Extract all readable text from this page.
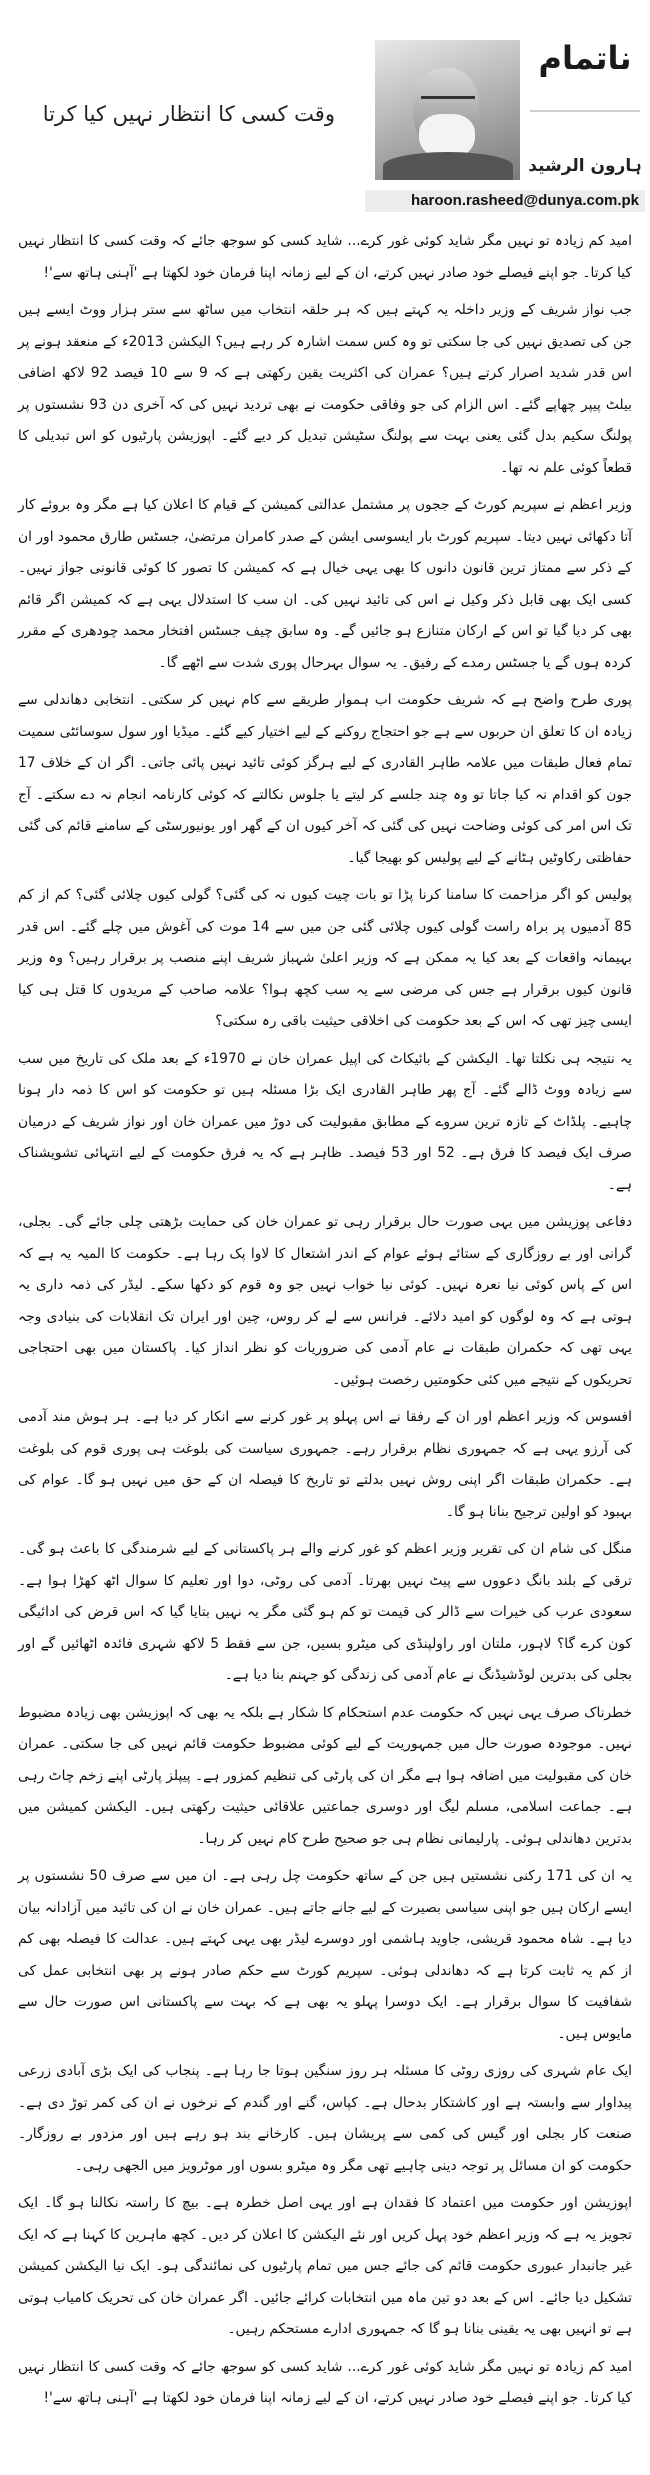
وقت کسی کا انتظار نہیں کیا کرتا
ناتمام
ہارون الرشید
haroon.rasheed@dunya.com.pk

امید کم زیادہ تو نہیں مگر شاید کوئی غور کرے... شاید کسی کو سوجھ جائے کہ وقت کسی کا انتظار نہیں کیا کرتا۔ جو اپنے فیصلے خود صادر نہیں کرتے، ان کے لیے زمانہ اپنا فرمان خود لکھتا ہے 'آہنی ہاتھ سے'!

جب نواز شریف کے وزیر داخلہ یہ کہتے ہیں کہ ہر حلقہ انتخاب میں ساٹھ سے ستر ہزار ووٹ ایسے ہیں جن کی تصدیق نہیں کی جا سکتی تو وہ کس سمت اشارہ کر رہے ہیں؟ الیکشن 2013ء کے منعقد ہونے پر اس قدر شدید اصرار کرتے ہیں؟ عمران کی اکثریت یقین رکھتی ہے کہ 9 سے 10 فیصد 92 لاکھ اضافی بیلٹ پیپر چھاپے گئے۔ اس الزام کی جو وفاقی حکومت نے بھی تردید نہیں کی کہ آخری دن 93 نشستوں پر پولنگ سکیم بدل گئی یعنی بہت سے پولنگ سٹیشن تبدیل کر دیے گئے۔ اپوزیشن پارٹیوں کو اس تبدیلی کا قطعاً کوئی علم نہ تھا۔

وزیر اعظم نے سپریم کورٹ کے ججوں پر مشتمل عدالتی کمیشن کے قیام کا اعلان کیا ہے مگر وہ بروئے کار آتا دکھائی نہیں دیتا۔ سپریم کورٹ بار ایسوسی ایشن کے صدر کامران مرتضیٰ، جسٹس طارق محمود اور ان کے ذکر سے ممتاز ترین قانون دانوں کا بھی یہی خیال ہے کہ کمیشن کا تصور کا کوئی قانونی جواز نہیں۔ کسی ایک بھی قابل ذکر وکیل نے اس کی تائید نہیں کی۔ ان سب کا استدلال یہی ہے کہ کمیشن اگر قائم بھی کر دیا گیا تو اس کے ارکان متنازع ہو جائیں گے۔ وہ سابق چیف جسٹس افتخار محمد چودھری کے مقرر کردہ ہوں گے یا جسٹس رمدے کے رفیق۔ یہ سوال بہرحال پوری شدت سے اٹھے گا۔

پوری طرح واضح ہے کہ شریف حکومت اب ہموار طریقے سے کام نہیں کر سکتی۔ انتخابی دھاندلی سے زیادہ ان کا تعلق ان حربوں سے ہے جو احتجاج روکنے کے لیے اختیار کیے گئے۔ میڈیا اور سول سوسائٹی سمیت تمام فعال طبقات میں علامہ طاہر القادری کے لیے ہرگز کوئی تائید نہیں پائی جاتی۔ اگر ان کے خلاف 17 جون کو اقدام نہ کیا جاتا تو وہ چند جلسے کر لیتے یا جلوس نکالتے کہ کوئی کارنامہ انجام نہ دے سکتے۔ آج تک اس امر کی کوئی وضاحت نہیں کی گئی کہ آخر کیوں ان کے گھر اور یونیورسٹی کے سامنے قائم کی گئی حفاظتی رکاوٹیں ہٹانے کے لیے پولیس کو بھیجا گیا۔

پولیس کو اگر مزاحمت کا سامنا کرنا پڑا تو بات چیت کیوں نہ کی گئی؟ گولی کیوں چلائی گئی؟ کم از کم 85 آدمیوں پر براہ راست گولی کیوں چلائی گئی جن میں سے 14 موت کی آغوش میں چلے گئے۔ اس قدر بہیمانہ واقعات کے بعد کیا یہ ممکن ہے کہ وزیر اعلیٰ شہباز شریف اپنے منصب پر برقرار رہیں؟ وہ وزیر قانون کیوں برقرار ہے جس کی مرضی سے یہ سب کچھ ہوا؟ علامہ صاحب کے مریدوں کا قتل ہی کیا ایسی چیز تھی کہ اس کے بعد حکومت کی اخلاقی حیثیت باقی رہ سکتی؟

یہ نتیجہ ہی نکلتا تھا۔ الیکشن کے بائیکاٹ کی اپیل عمران خان نے 1970ء کے بعد ملک کی تاریخ میں سب سے زیادہ ووٹ ڈالے گئے۔ آج پھر طاہر القادری ایک بڑا مسئلہ ہیں تو حکومت کو اس کا ذمہ دار ہونا چاہیے۔ پلڈاٹ کے تازہ ترین سروے کے مطابق مقبولیت کی دوڑ میں عمران خان اور نواز شریف کے درمیان صرف ایک فیصد کا فرق ہے۔ 52 اور 53 فیصد۔ ظاہر ہے کہ یہ فرق حکومت کے لیے انتہائی تشویشناک ہے۔

دفاعی پوزیشن میں یہی صورت حال برقرار رہی تو عمران خان کی حمایت بڑھتی چلی جائے گی۔ بجلی، گرانی اور بے روزگاری کے ستائے ہوئے عوام کے اندر اشتعال کا لاوا پک رہا ہے۔ حکومت کا المیہ یہ ہے کہ اس کے پاس کوئی نیا نعرہ نہیں۔ کوئی نیا خواب نہیں جو وہ قوم کو دکھا سکے۔ لیڈر کی ذمہ داری یہ ہوتی ہے کہ وہ لوگوں کو امید دلائے۔ فرانس سے لے کر روس، چین اور ایران تک انقلابات کی بنیادی وجہ یہی تھی کہ حکمران طبقات نے عام آدمی کی ضروریات کو نظر انداز کیا۔ پاکستان میں بھی احتجاجی تحریکوں کے نتیجے میں کئی حکومتیں رخصت ہوئیں۔

افسوس کہ وزیر اعظم اور ان کے رفقا نے اس پہلو پر غور کرنے سے انکار کر دیا ہے۔ ہر ہوش مند آدمی کی آرزو یہی ہے کہ جمہوری نظام برقرار رہے۔ جمہوری سیاست کی بلوغت ہی پوری قوم کی بلوغت ہے۔ حکمران طبقات اگر اپنی روش نہیں بدلتے تو تاریخ کا فیصلہ ان کے حق میں نہیں ہو گا۔ عوام کی بہبود کو اولین ترجیح بنانا ہو گا۔

منگل کی شام ان کی تقریر وزیر اعظم کو غور کرنے والے ہر پاکستانی کے لیے شرمندگی کا باعث ہو گی۔ ترقی کے بلند بانگ دعووں سے پیٹ نہیں بھرتا۔ آدمی کی روٹی، دوا اور تعلیم کا سوال اٹھ کھڑا ہوا ہے۔ سعودی عرب کی خیرات سے ڈالر کی قیمت تو کم ہو گئی مگر یہ نہیں بتایا گیا کہ اس قرض کی ادائیگی کون کرے گا؟ لاہور، ملتان اور راولپنڈی کی میٹرو بسیں، جن سے فقط 5 لاکھ شہری فائدہ اٹھائیں گے اور بجلی کی بدترین لوڈشیڈنگ نے عام آدمی کی زندگی کو جہنم بنا دیا ہے۔

خطرناک صرف یہی نہیں کہ حکومت عدم استحکام کا شکار ہے بلکہ یہ بھی کہ اپوزیشن بھی زیادہ مضبوط نہیں۔ موجودہ صورت حال میں جمہوریت کے لیے کوئی مضبوط حکومت قائم نہیں کی جا سکتی۔ عمران خان کی مقبولیت میں اضافہ ہوا ہے مگر ان کی پارٹی کی تنظیم کمزور ہے۔ پیپلز پارٹی اپنے زخم چاٹ رہی ہے۔ جماعت اسلامی، مسلم لیگ اور دوسری جماعتیں علاقائی حیثیت رکھتی ہیں۔ الیکشن کمیشن میں بدترین دھاندلی ہوئی۔ پارلیمانی نظام ہی جو صحیح طرح کام نہیں کر رہا۔

یہ ان کی 171 رکنی نشستیں ہیں جن کے ساتھ حکومت چل رہی ہے۔ ان میں سے صرف 50 نشستوں پر ایسے ارکان ہیں جو اپنی سیاسی بصیرت کے لیے جانے جاتے ہیں۔ عمران خان نے ان کی تائید میں آزادانہ بیان دیا ہے۔ شاہ محمود قریشی، جاوید ہاشمی اور دوسرے لیڈر بھی یہی کہتے ہیں۔ عدالت کا فیصلہ بھی کم از کم یہ ثابت کرتا ہے کہ دھاندلی ہوئی۔ سپریم کورٹ سے حکم صادر ہونے پر بھی انتخابی عمل کی شفافیت کا سوال برقرار ہے۔ ایک دوسرا پہلو یہ بھی ہے کہ بہت سے پاکستانی اس صورت حال سے مایوس ہیں۔

ایک عام شہری کی روزی روٹی کا مسئلہ ہر روز سنگین ہوتا جا رہا ہے۔ پنجاب کی ایک بڑی آبادی زرعی پیداوار سے وابستہ ہے اور کاشتکار بدحال ہے۔ کپاس، گنے اور گندم کے نرخوں نے ان کی کمر توڑ دی ہے۔ صنعت کار بجلی اور گیس کی کمی سے پریشان ہیں۔ کارخانے بند ہو رہے ہیں اور مزدور بے روزگار۔ حکومت کو ان مسائل پر توجہ دینی چاہیے تھی مگر وہ میٹرو بسوں اور موٹرویز میں الجھی رہی۔

اپوزیشن اور حکومت میں اعتماد کا فقدان ہے اور یہی اصل خطرہ ہے۔ بیچ کا راستہ نکالنا ہو گا۔ ایک تجویز یہ ہے کہ وزیر اعظم خود پہل کریں اور نئے الیکشن کا اعلان کر دیں۔ کچھ ماہرین کا کہنا ہے کہ ایک غیر جانبدار عبوری حکومت قائم کی جائے جس میں تمام پارٹیوں کی نمائندگی ہو۔ ایک نیا الیکشن کمیشن تشکیل دیا جائے۔ اس کے بعد دو تین ماہ میں انتخابات کرائے جائیں۔ اگر عمران خان کی تحریک کامیاب ہوتی ہے تو انہیں بھی یہ یقینی بنانا ہو گا کہ جمہوری ادارے مستحکم رہیں۔

امید کم زیادہ تو نہیں مگر شاید کوئی غور کرے... شاید کسی کو سوجھ جائے کہ وقت کسی کا انتظار نہیں کیا کرتا۔ جو اپنے فیصلے خود صادر نہیں کرتے، ان کے لیے زمانہ اپنا فرمان خود لکھتا ہے 'آہنی ہاتھ سے'!
